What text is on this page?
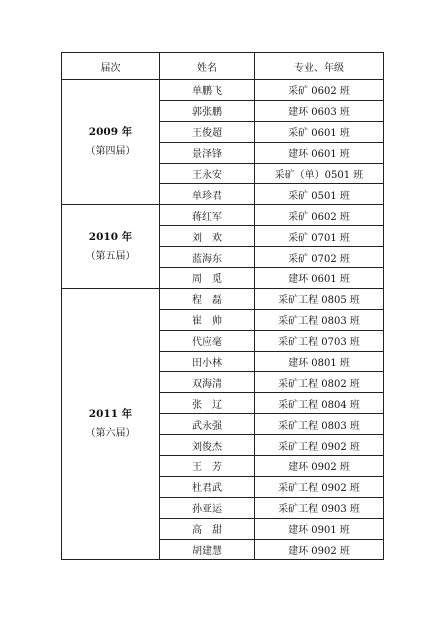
届次	姓名	专业、年级

2009 年
（第四届）	单鹏飞	采矿 0602 班
	郭张鹏	建环 0603 班
	王俊超	采矿 0601 班
	景泽锋	建环 0601 班
	王永安	采矿（单）0501 班
	单珍君	采矿 0501 班

2010 年
（第五届）	蒋红军	采矿 0602 班
	刘　欢	采矿 0701 班
	蓝海东	采矿 0702 班
	周　觅	建环 0601 班

2011 年
（第六届）	程　磊	采矿工程 0805 班
	崔　帅	采矿工程 0803 班
	代应毫	采矿工程 0703 班
	田小林	建环 0801 班
	双海清	采矿工程 0802 班
	张　辽	采矿工程 0804 班
	武永强	采矿工程 0803 班
	刘俊杰	采矿工程 0902 班
	王　芳	建环 0902 班
	杜君武	采矿工程 0902 班
	孙亚运	采矿工程 0903 班
	高　甜	建环 0901 班
	胡建慧	建环 0902 班
